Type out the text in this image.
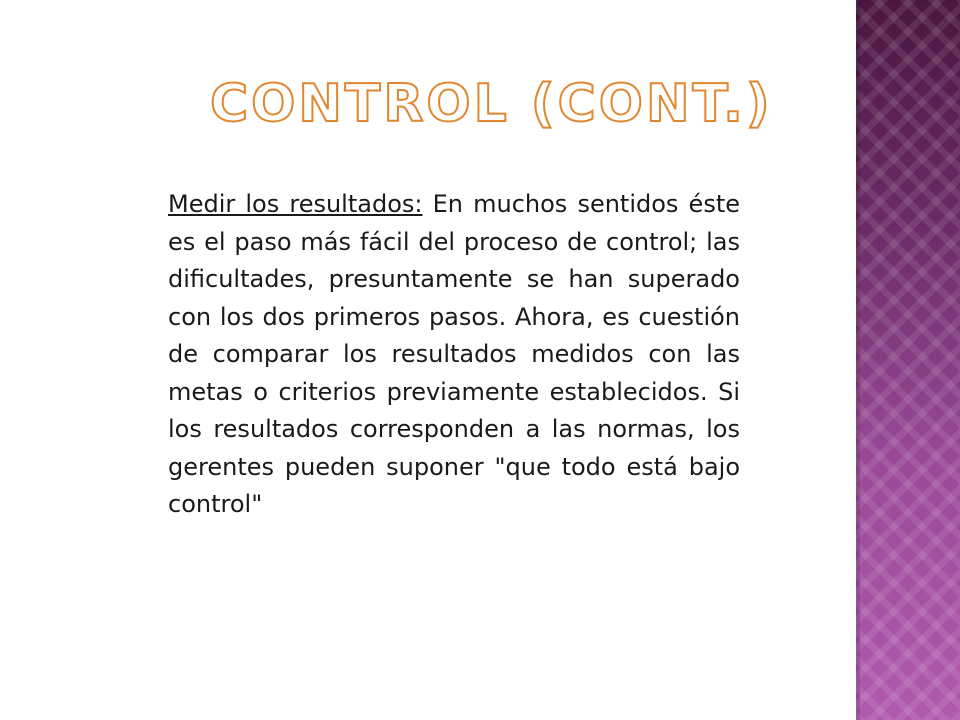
CONTROL (CONT.)

Medir los resultados: En muchos sentidos éste es el paso más fácil del proceso de control; las dificultades, presuntamente se han superado con los dos primeros pasos. Ahora, es cuestión de comparar los resultados medidos con las metas o criterios previamente establecidos. Si los resultados corresponden a las normas, los gerentes pueden suponer "que todo está bajo control"
